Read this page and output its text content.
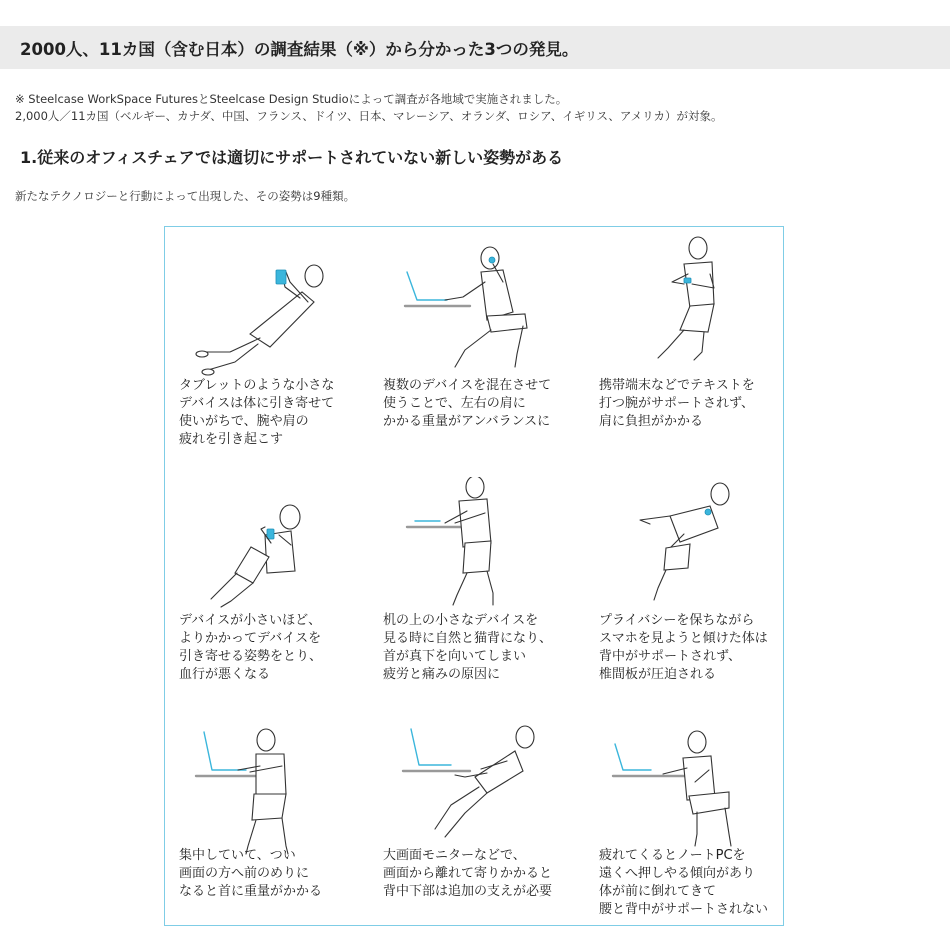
2000人、11カ国（含む日本）の調査結果（※）から分かった3つの発見。
※ Steelcase WorkSpace FuturesとSteelcase Design Studioによって調査が各地域で実施されました。
2,000人／11カ国（ベルギー、カナダ、中国、フランス、ドイツ、日本、マレーシア、オランダ、ロシア、イギリス、アメリカ）が対象。
1.従来のオフィスチェアでは適切にサポートされていない新しい姿勢がある

新たなテクノロジーと行動によって出現した、その姿勢は9種類。

タブレットのような小さな
デバイスは体に引き寄せて
使いがちで、腕や肩の
疲れを引き起こす

複数のデバイスを混在させて
使うことで、左右の肩に
かかる重量がアンバランスに

携帯端末などでテキストを
打つ腕がサポートされず、
肩に負担がかかる

デバイスが小さいほど、
よりかかってデバイスを
引き寄せる姿勢をとり、
血行が悪くなる

机の上の小さなデバイスを
見る時に自然と猫背になり、
首が真下を向いてしまい
疲労と痛みの原因に

プライバシーを保ちながら
スマホを見ようと傾けた体は
背中がサポートされず、
椎間板が圧迫される

集中していて、つい
画面の方へ前のめりに
なると首に重量がかかる

大画面モニターなどで、
画面から離れて寄りかかると
背中下部は追加の支えが必要

疲れてくるとノートPCを
遠くへ押しやる傾向があり
体が前に倒れてきて
腰と背中がサポートされない
